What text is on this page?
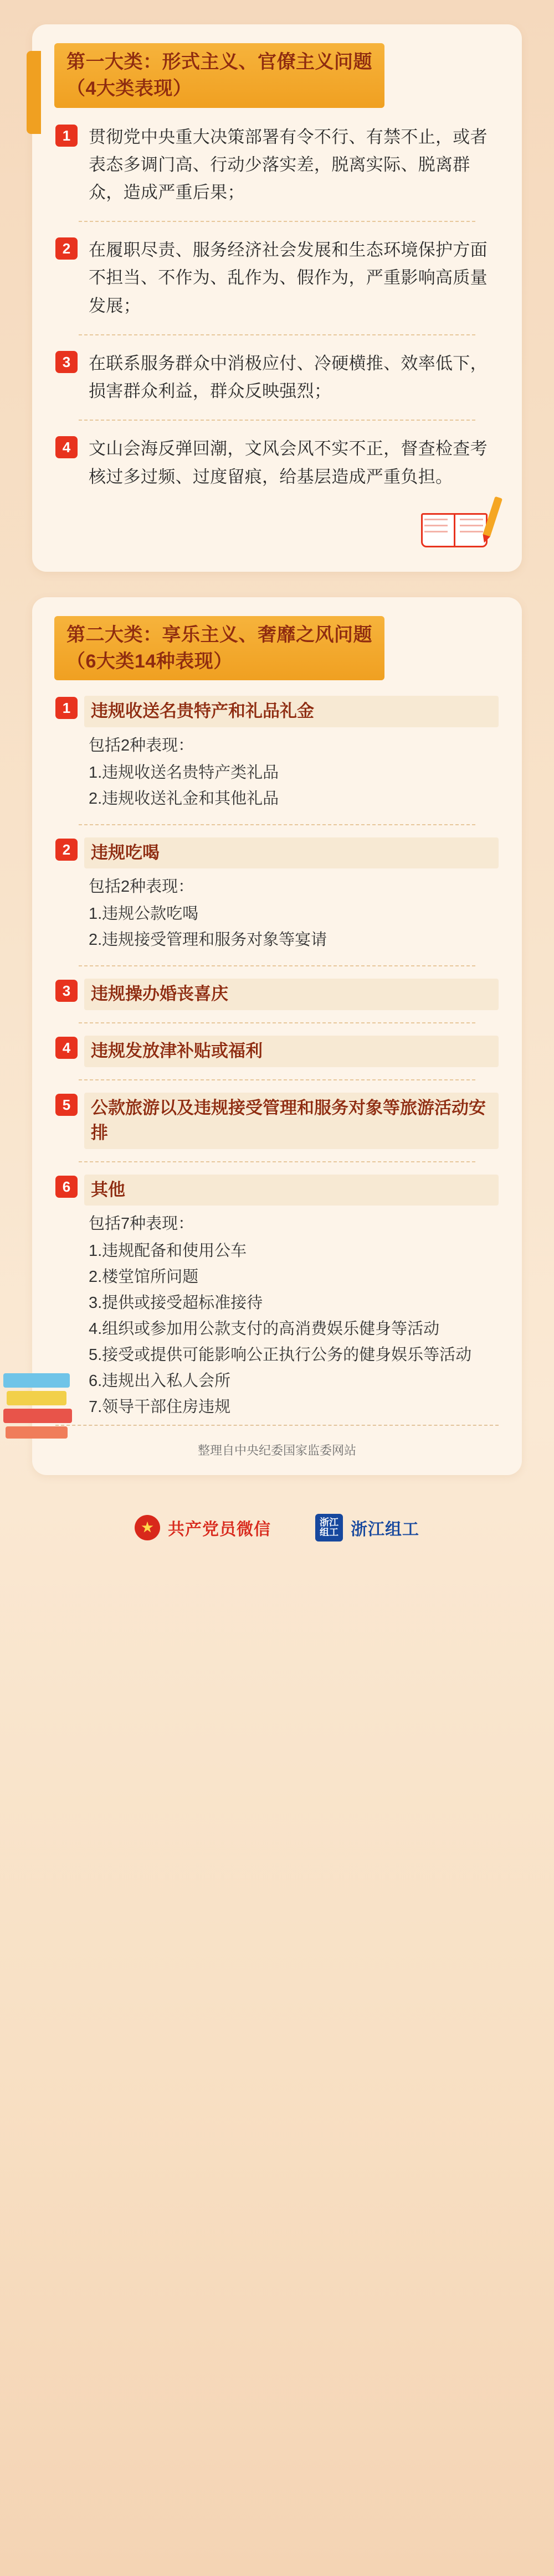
第一大类：形式主义、官僚主义问题
（4大类表现）
1	贯彻党中央重大决策部署有令不行、有禁不止，或者表态多调门高、行动少落实差，脱离实际、脱离群众，造成严重后果；
2	在履职尽责、服务经济社会发展和生态环境保护方面不担当、不作为、乱作为、假作为，严重影响高质量发展；
3	在联系服务群众中消极应付、冷硬横推、效率低下，损害群众利益，群众反映强烈；
4	文山会海反弹回潮，文风会风不实不正，督查检查考核过多过频、过度留痕，给基层造成严重负担。
第二大类：享乐主义、奢靡之风问题
（6大类14种表现）
1	违规收送名贵特产和礼品礼金
包括2种表现：
1.违规收送名贵特产类礼品
2.违规收送礼金和其他礼品
2	违规吃喝
包括2种表现：
1.违规公款吃喝
2.违规接受管理和服务对象等宴请
3	违规操办婚丧喜庆
4	违规发放津补贴或福利
5	公款旅游以及违规接受管理和服务对象等旅游活动安排
6	其他
包括7种表现：
1.违规配备和使用公车
2.楼堂馆所问题
3.提供或接受超标准接待
4.组织或参加用公款支付的高消费娱乐健身等活动
5.接受或提供可能影响公正执行公务的健身娱乐等活动
6.违规出入私人会所
7.领导干部住房违规
整理自中央纪委国家监委网站
共产党员微信	浙江组工 浙江组工
